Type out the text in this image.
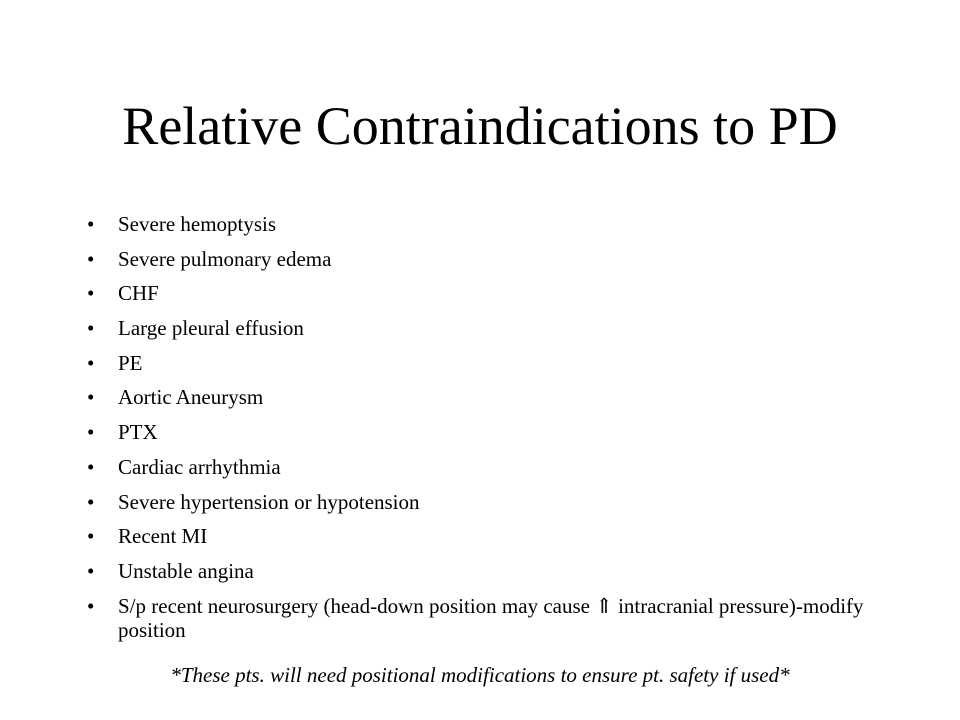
Relative Contraindications to PD
• Severe hemoptysis
• Severe pulmonary edema
• CHF
• Large pleural effusion
• PE
• Aortic Aneurysm
• PTX
• Cardiac arrhythmia
• Severe hypertension or hypotension
• Recent MI
• Unstable angina
• S/p recent neurosurgery (head-down position may cause ⇑ intracranial pressure)-modify position

*These pts. will need positional modifications to ensure pt. safety if used*
